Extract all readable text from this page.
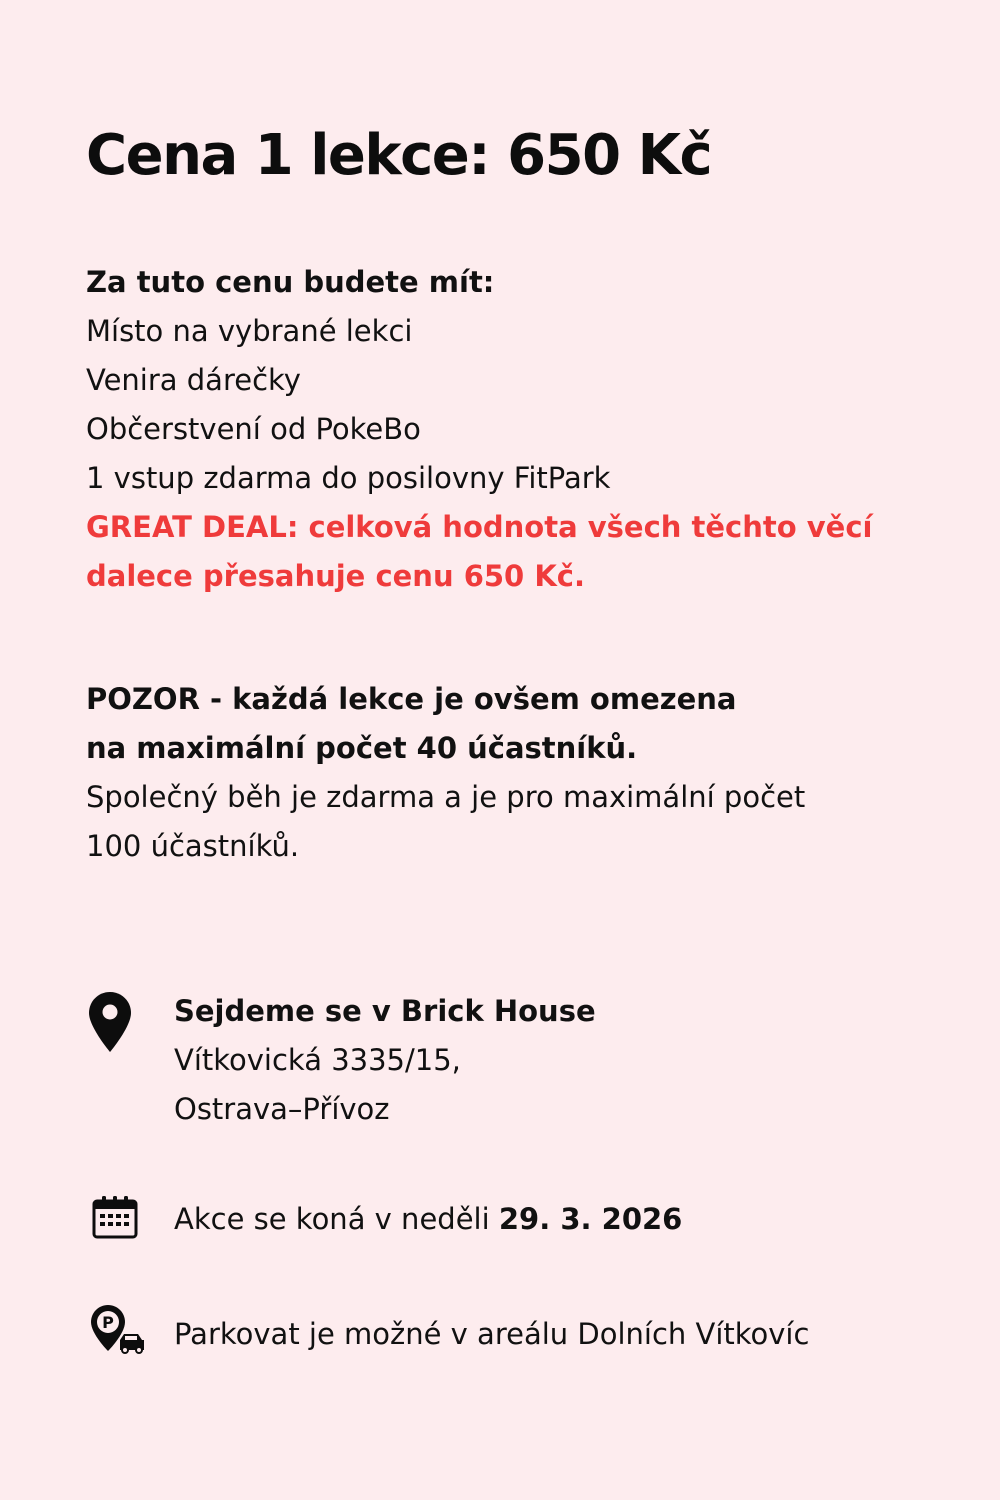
Cena 1 lekce: 650 Kč
Za tuto cenu budete mít:
Místo na vybrané lekci
Venira dárečky
Občerstvení od PokeBo
1 vstup zdarma do posilovny FitPark
GREAT DEAL: celková hodnota všech těchto věcí
dalece přesahuje cenu 650 Kč.
POZOR - každá lekce je ovšem omezena
na maximální počet 40 účastníků.
Společný běh je zdarma a je pro maximální počet
100 účastníků.
Sejdeme se v Brick House
Vítkovická 3335/15,
Ostrava–Přívoz
Akce se koná v neděli 29. 3. 2026
P Parkovat je možné v areálu Dolních Vítkovíc
